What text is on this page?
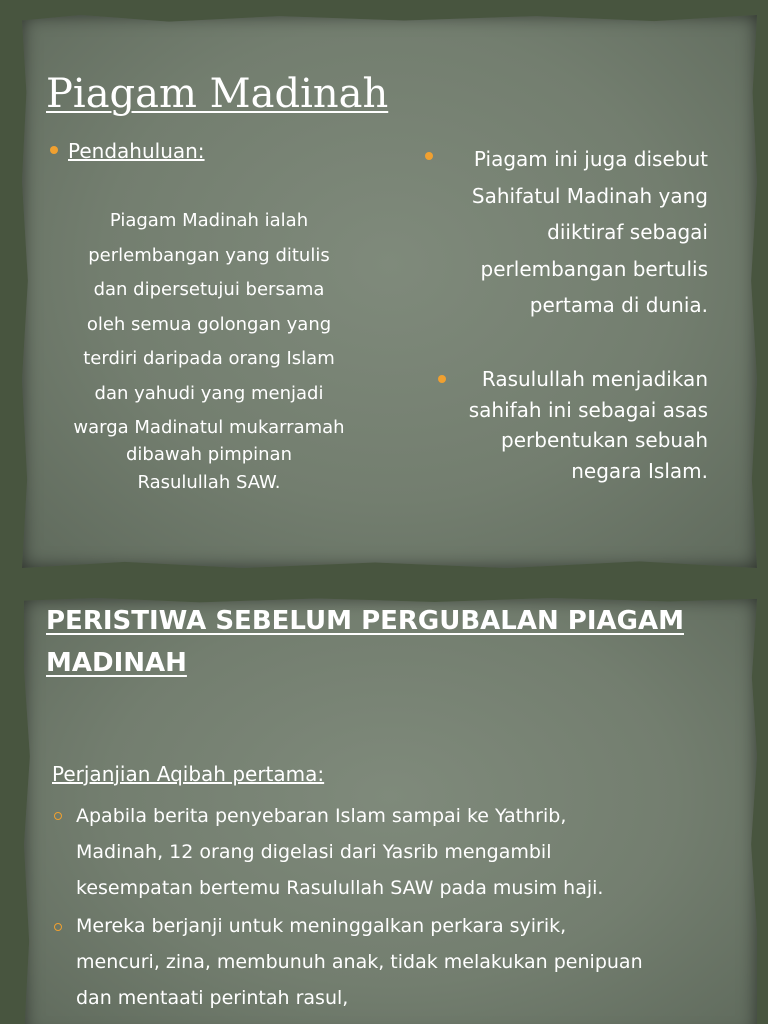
Piagam Madinah
Pendahuluan:

Piagam Madinah ialah
perlembangan yang ditulis
dan dipersetujui bersama
oleh semua golongan yang
terdiri daripada orang Islam
dan yahudi yang menjadi
warga Madinatul mukarramah

dibawah pimpinan
Rasulullah SAW.

Piagam ini juga disebut
Sahifatul Madinah yang
diiktiraf sebagai
perlembangan bertulis
pertama di dunia.

Rasulullah menjadikan
sahifah ini sebagai asas
perbentukan sebuah
negara Islam.

PERISTIWA SEBELUM PERGUBALAN PIAGAM
MADINAH
Perjanjian Aqibah pertama:

Apabila berita penyebaran Islam sampai ke Yathrib,
Madinah, 12 orang digelasi dari Yasrib mengambil
kesempatan bertemu Rasulullah SAW pada musim haji.

Mereka berjanji untuk meninggalkan perkara syirik,
mencuri, zina, membunuh anak, tidak melakukan penipuan
dan mentaati perintah rasul,
